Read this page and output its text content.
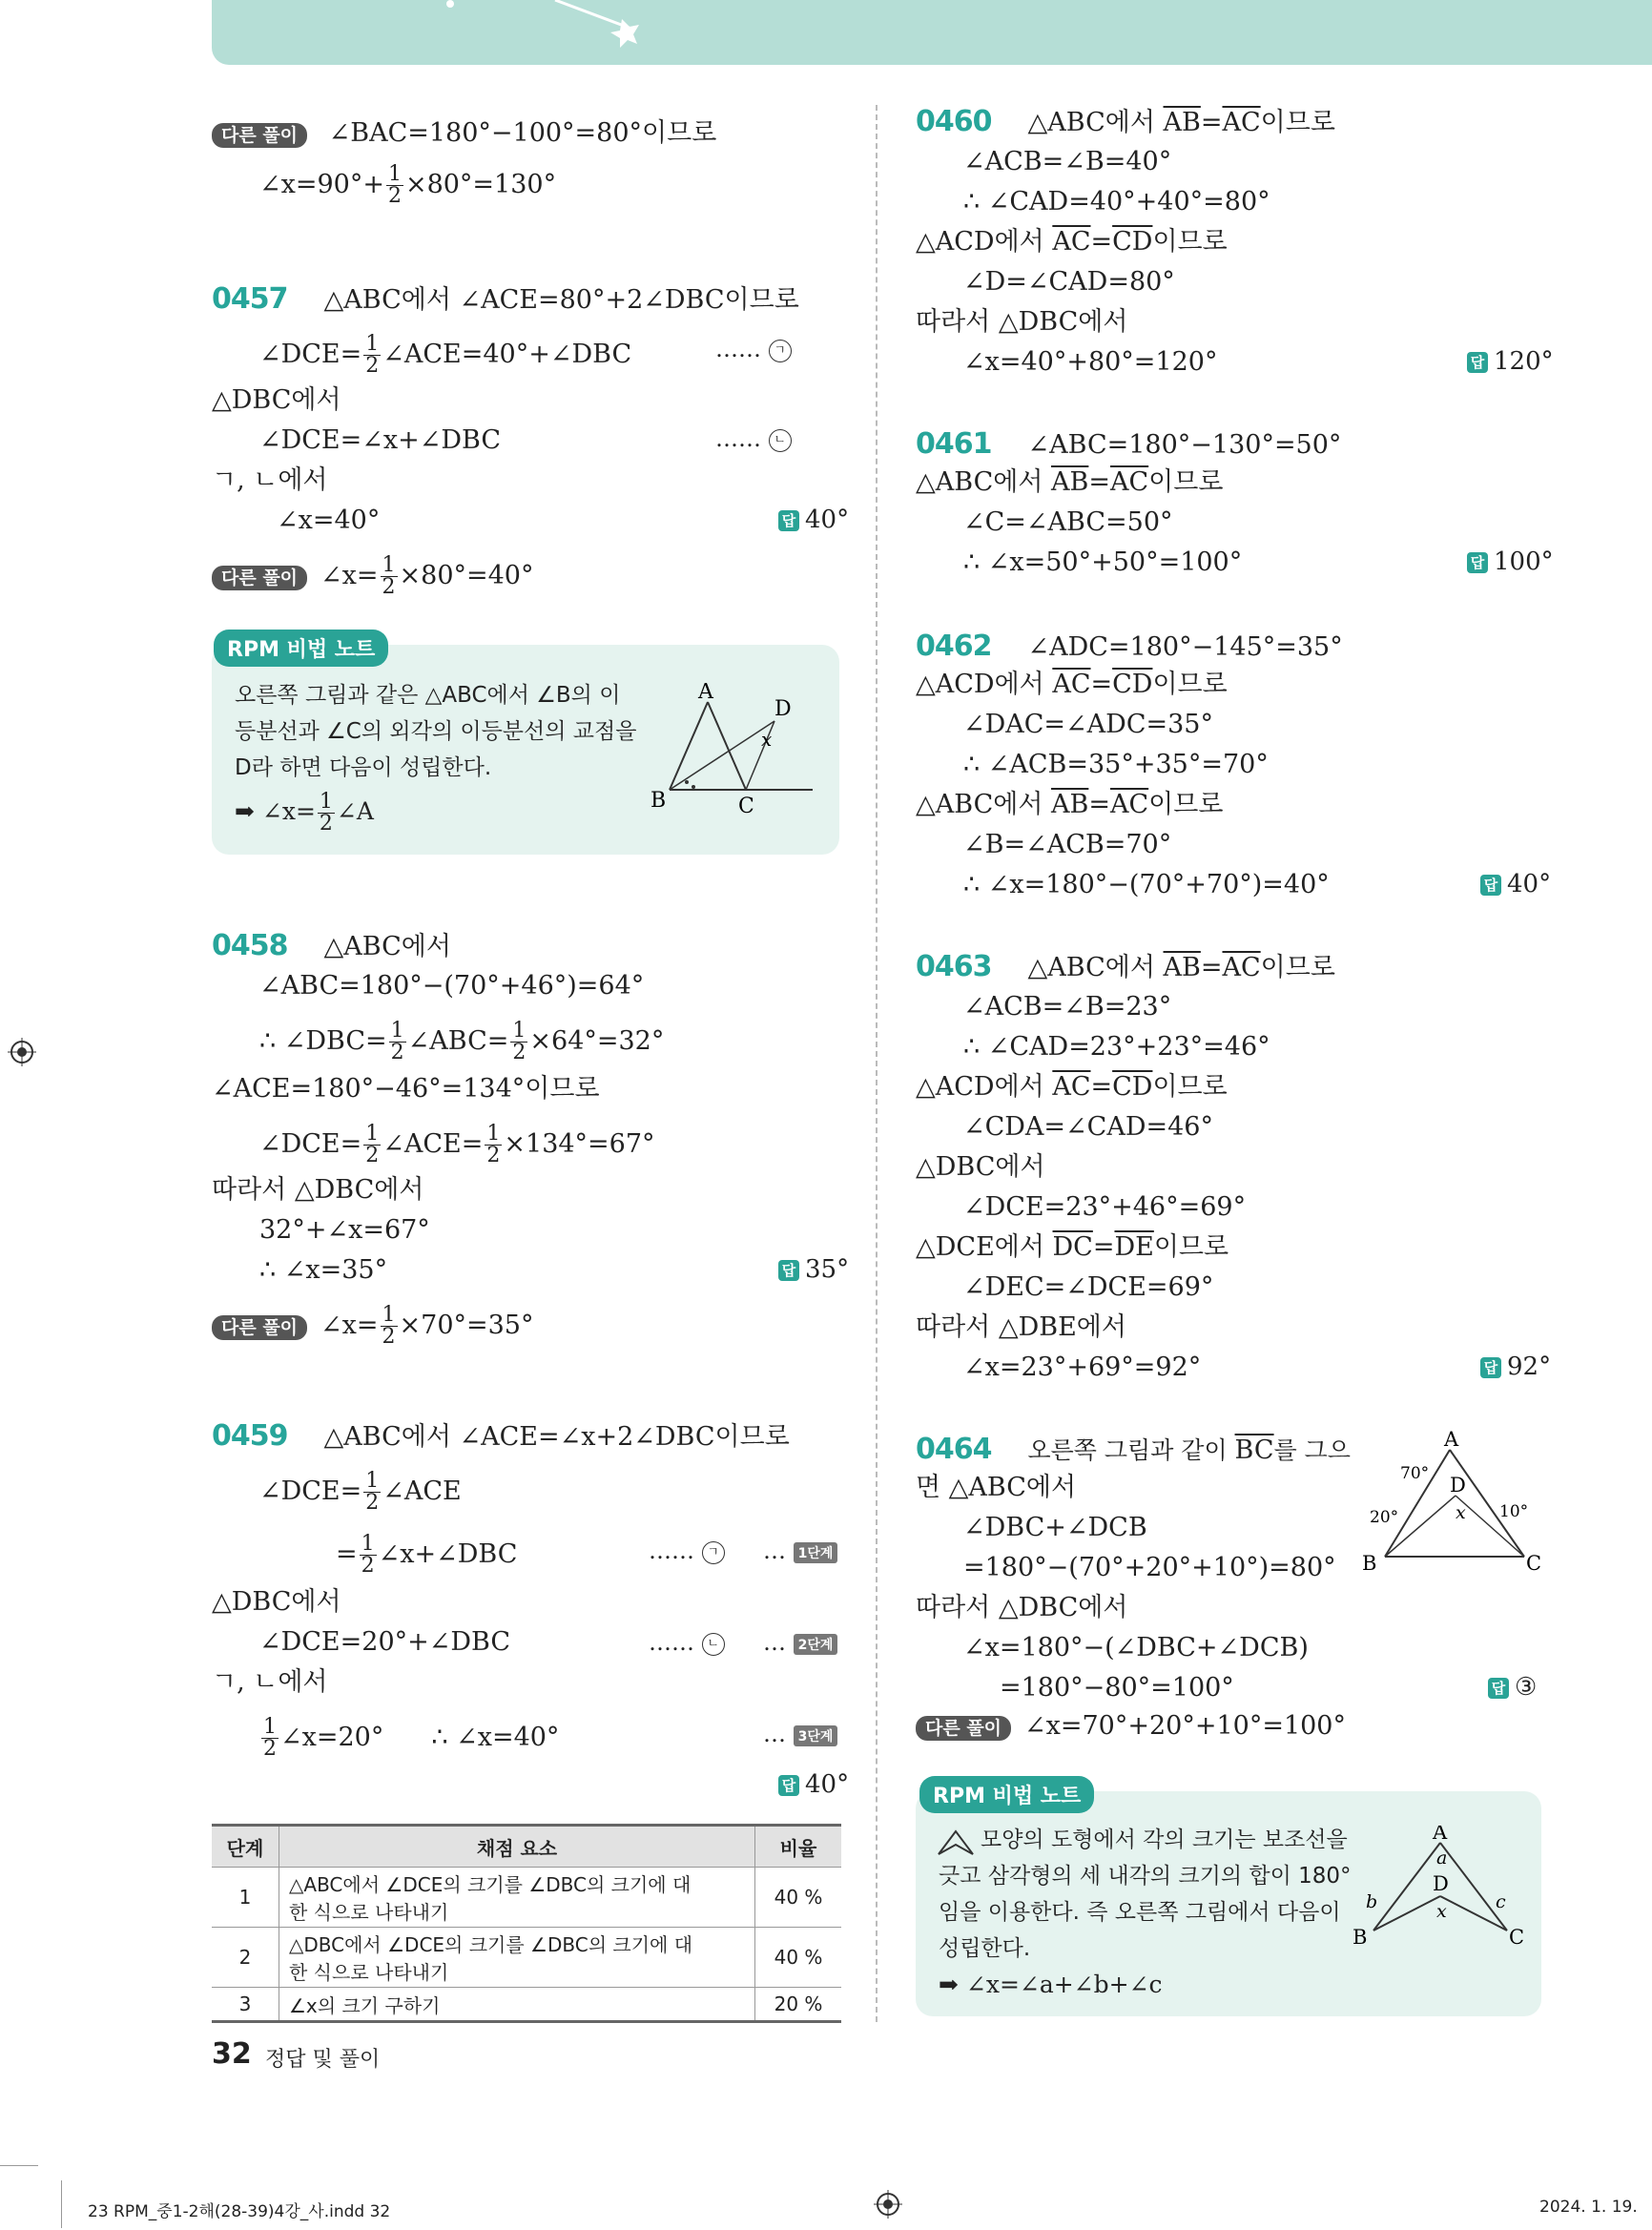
다른 풀이 ∠BAC=180°−100°=80°이므로
∠x=90°+ $\frac{1}{2} \times 80^\circ=130^\circ$
0457 △ABC에서 ∠ACE=80°+2∠DBC이므로
∠DCE= $\frac{1}{2}$ ∠ACE=40°+∠DBC	…… ㄱ
△DBC에서
∠DCE=∠x+∠DBC	…… ㄴ
ㄱ, ㄴ에서
∠x=40°	답 40°
다른 풀이 ∠x= $\frac{1}{2} \times 80^\circ=40^\circ$
RPM 비법 노트
오른쪽 그림과 같은 △ABC에서 ∠B의 이
등분선과 ∠C의 외각의 이등분선의 교점을
D라 하면 다음이 성립한다.
➡ ∠x= $\frac{1}{2}$ ∠A
A
B	C
D
x
0458 △ABC에서
∠ABC=180°−(70°+46°)=64°
∴ ∠DBC= $\frac{1}{2}$ ∠ABC= $\frac{1}{2} \times 64^\circ=32^\circ$
∠ACE=180°−46°=134°이므로
∠DCE= $\frac{1}{2}$ ∠ACE= $\frac{1}{2} \times 134^\circ=67^\circ$
따라서 △DBC에서
32°+∠x=67°
∴ ∠x=35°	답 35°
다른 풀이 ∠x= $\frac{1}{2} \times 70^\circ=35^\circ$
0459 △ABC에서 ∠ACE=∠x+2∠DBC이므로
∠DCE= $\frac{1}{2}$ ∠ACE
= $\frac{1}{2}$ ∠x+∠DBC	…… ㄱ … 1단계
△DBC에서
∠DCE=20°+∠DBC	…… ㄴ … 2단계
ㄱ, ㄴ에서
$\frac{1}{2}$ ∠x=20° ∴ ∠x=40°	… 3단계
답 40°
단계	채점 요소	비율
1	△ABC에서 ∠DCE의 크기를 ∠DBC의 크기에 대
한 식으로 나타내기	40 %
2	△DBC에서 ∠DCE의 크기를 ∠DBC의 크기에 대
한 식으로 나타내기	40 %
3	∠x의 크기 구하기	20 %
0460 △ABC에서 $\overline{AB}=\overline{AC}$이므로
∠ACB=∠B=40°
∴ ∠CAD=40°+40°=80°
△ACD에서 $\overline{AC}=\overline{CD}$이므로
∠D=∠CAD=80°
따라서 △DBC에서
∠x=40°+80°=120°	답 120°
0461 ∠ABC=180°−130°=50°
△ABC에서 $\overline{AB}=\overline{AC}$이므로
∠C=∠ABC=50°
∴ ∠x=50°+50°=100°	답 100°
0462 ∠ADC=180°−145°=35°
△ACD에서 $\overline{AC}=\overline{CD}$이므로
∠DAC=∠ADC=35°
∴ ∠ACB=35°+35°=70°
△ABC에서 $\overline{AB}=\overline{AC}$이므로
∠B=∠ACB=70°
∴ ∠x=180°−(70°+70°)=40°	답 40°
0463 △ABC에서 $\overline{AB}=\overline{AC}$이므로
∠ACB=∠B=23°
∴ ∠CAD=23°+23°=46°
△ACD에서 $\overline{AC}=\overline{CD}$이므로
∠CDA=∠CAD=46°
△DBC에서
∠DCE=23°+46°=69°
△DCE에서 $\overline{DC}=\overline{DE}$이므로
∠DEC=∠DCE=69°
따라서 △DBE에서
∠x=23°+69°=92°	답 92°
0464 오른쪽 그림과 같이 $\overline{BC}$를 그으
면 △ABC에서
∠DBC+∠DCB
=180°−(70°+20°+10°)=80°
따라서 △DBC에서
∠x=180°−(∠DBC+∠DCB)
=180°−80°=100°	답 ③
다른 풀이 ∠x=70°+20°+10°=100°
A
B	C
D
x
70°
20°	10°
RPM 비법 노트
모양의 도형에서 각의 크기는 보조선을
긋고 삼각형의 세 내각의 크기의 합이 180°
임을 이용한다. 즉 오른쪽 그림에서 다음이
성립한다.
➡ ∠x=∠a+∠b+∠c
A
B	C
D
a
b	c
x
32 정답 및 풀이
23 RPM_중1-2해(28-39)4강_사.indd 32	2024. 1. 19.
